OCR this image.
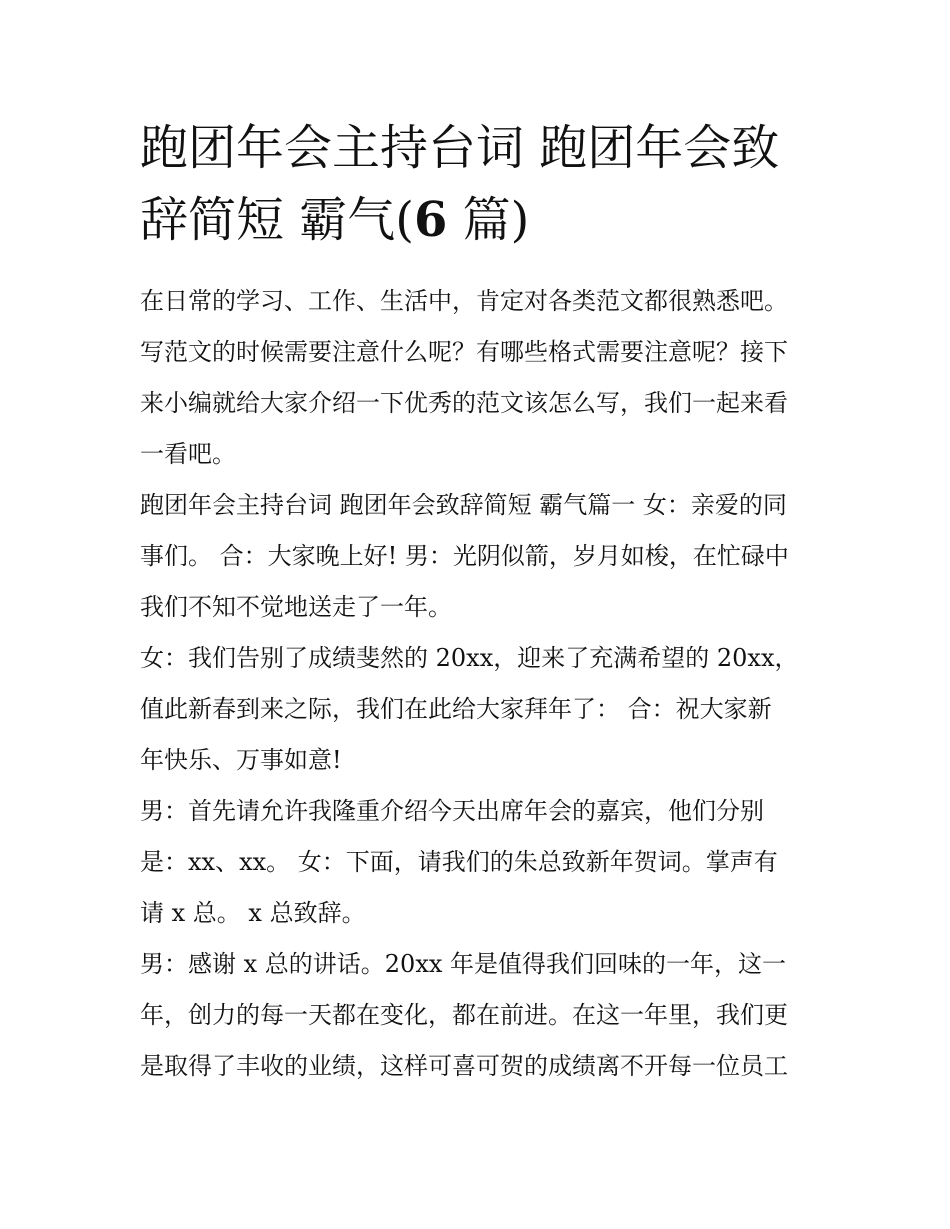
跑团年会主持台词 跑团年会致
辞简短 霸气(6 篇)
在日常的学习、工作、生活中，肯定对各类范文都很熟悉吧。
写范文的时候需要注意什么呢？有哪些格式需要注意呢？接下
来小编就给大家介绍一下优秀的范文该怎么写，我们一起来看
一看吧。
跑团年会主持台词 跑团年会致辞简短 霸气篇一 女：亲爱的同
事们。 合：大家晚上好! 男：光阴似箭，岁月如梭，在忙碌中
我们不知不觉地送走了一年。
女：我们告别了成绩斐然的 20xx，迎来了充满希望的 20xx，
值此新春到来之际，我们在此给大家拜年了： 合：祝大家新
年快乐、万事如意!
男：首先请允许我隆重介绍今天出席年会的嘉宾，他们分别
是：xx、xx。 女：下面，请我们的朱总致新年贺词。掌声有
请 x 总。 x 总致辞。
男：感谢 x 总的讲话。20xx 年是值得我们回味的一年，这一
年，创力的每一天都在变化，都在前进。在这一年里，我们更
是取得了丰收的业绩，这样可喜可贺的成绩离不开每一位员工
